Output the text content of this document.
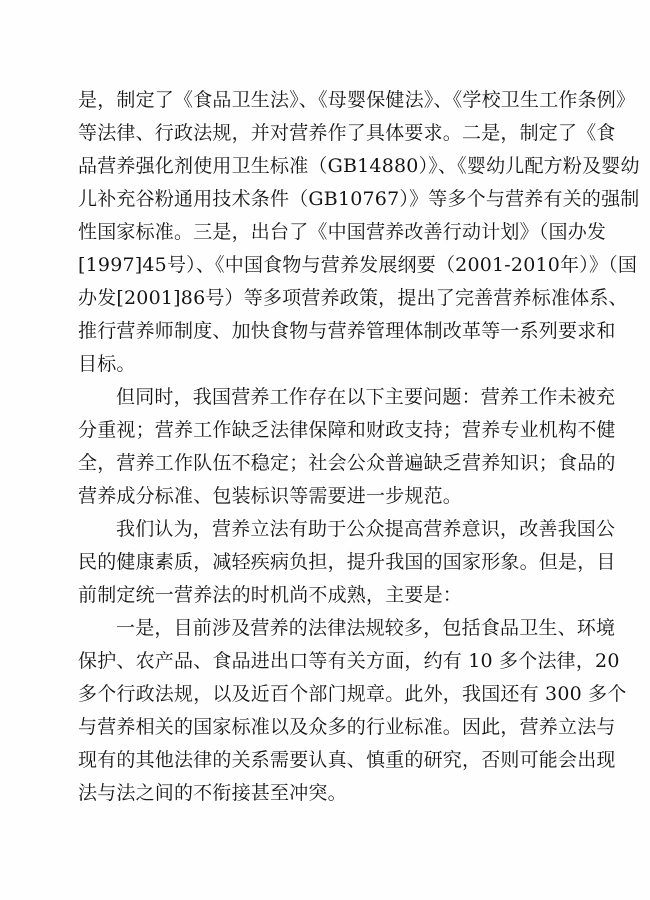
是，制定了《食品卫生法》、《母婴保健法》、《学校卫生工作条例》
等法律、行政法规，并对营养作了具体要求。二是，制定了《食
品营养强化剂使用卫生标准（GB14880）》、《婴幼儿配方粉及婴幼
儿补充谷粉通用技术条件（GB10767）》等多个与营养有关的强制
性国家标准。三是，出台了《中国营养改善行动计划》（国办发
[1997]45号）、《中国食物与营养发展纲要（2001-2010年）》（国
办发[2001]86号）等多项营养政策，提出了完善营养标准体系、
推行营养师制度、加快食物与营养管理体制改革等一系列要求和
目标。
但同时，我国营养工作存在以下主要问题：营养工作未被充
分重视；营养工作缺乏法律保障和财政支持；营养专业机构不健
全，营养工作队伍不稳定；社会公众普遍缺乏营养知识；食品的
营养成分标准、包装标识等需要进一步规范。
我们认为，营养立法有助于公众提高营养意识，改善我国公
民的健康素质，减轻疾病负担，提升我国的国家形象。但是，目
前制定统一营养法的时机尚不成熟，主要是：
一是，目前涉及营养的法律法规较多，包括食品卫生、环境
保护、农产品、食品进出口等有关方面，约有 10 多个法律，20
多个行政法规，以及近百个部门规章。此外，我国还有 300 多个
与营养相关的国家标准以及众多的行业标准。因此，营养立法与
现有的其他法律的关系需要认真、慎重的研究，否则可能会出现
法与法之间的不衔接甚至冲突。
